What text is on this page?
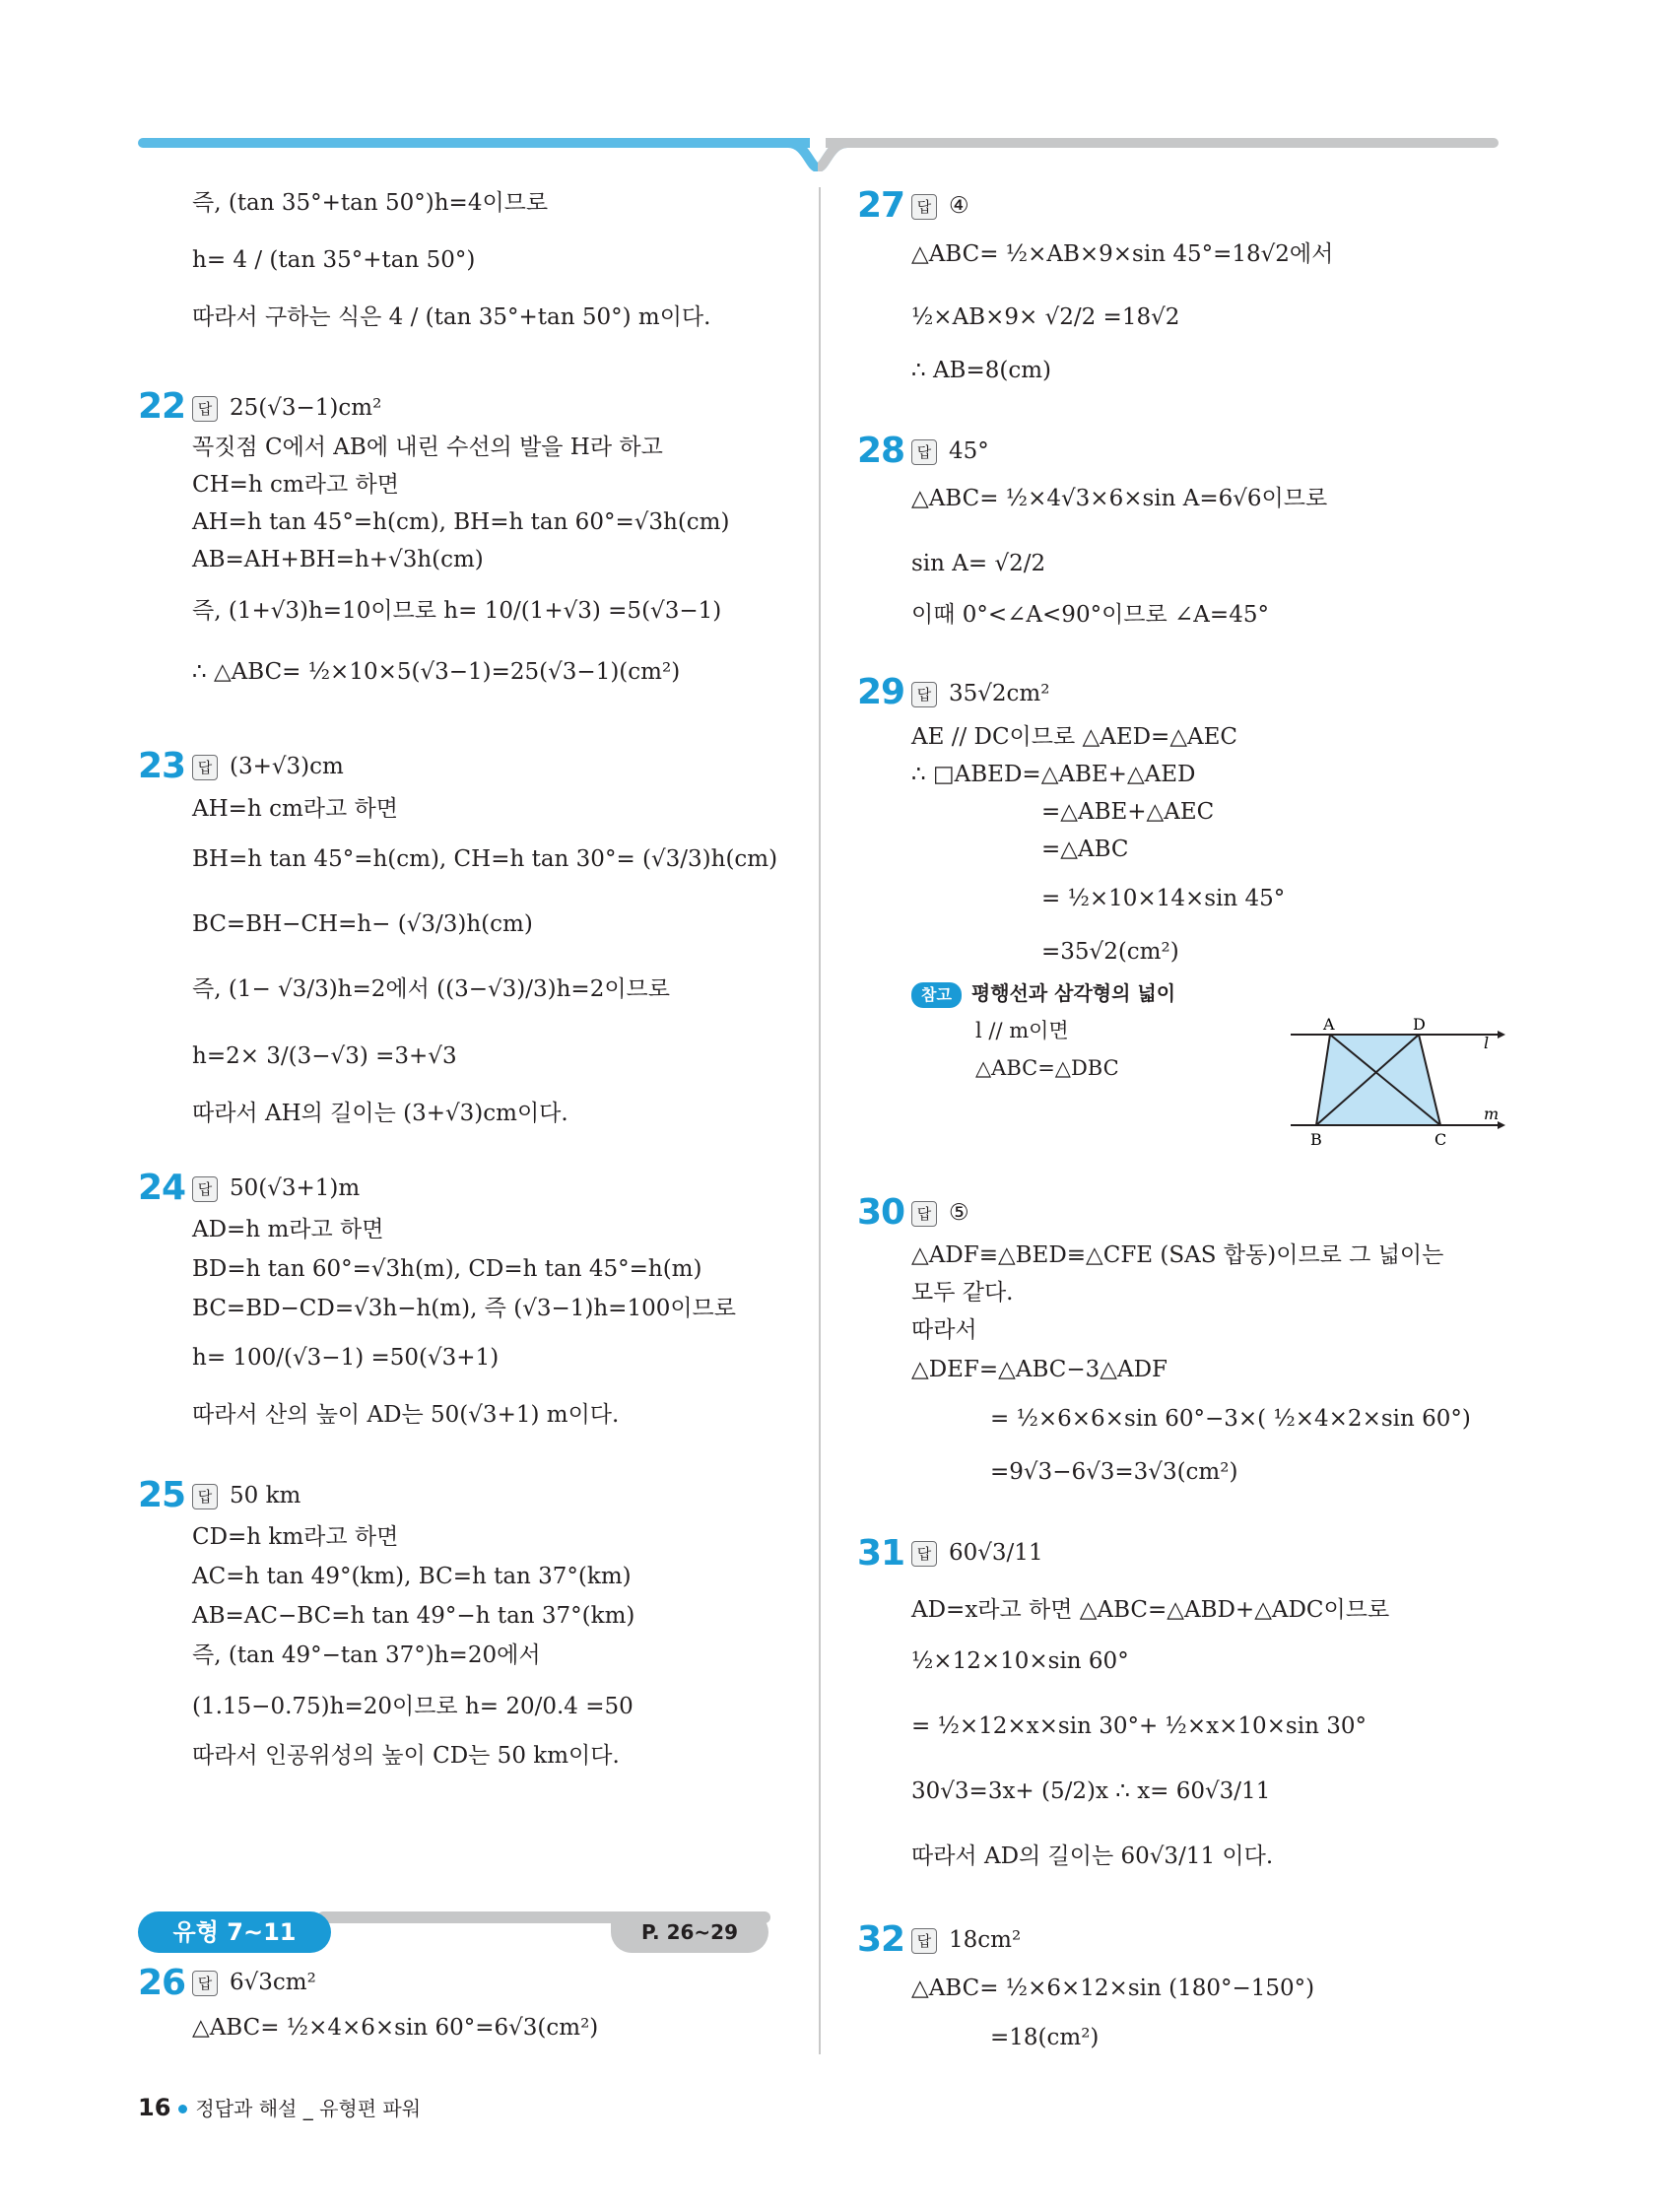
즉, (tan 35°+tan 50°)h=4이므로
h= 4 / (tan 35°+tan 50°)
따라서 구하는 식은 4 / (tan 35°+tan 50°) m이다.
22 답 25(√3−1)cm²
꼭짓점 C에서 AB에 내린 수선의 발을 H라 하고
CH=h cm라고 하면
AH=h tan 45°=h(cm), BH=h tan 60°=√3h(cm)
AB=AH+BH=h+√3h(cm)
즉, (1+√3)h=10이므로 h= 10/(1+√3) =5(√3−1)
∴ △ABC= ½×10×5(√3−1)=25(√3−1)(cm²)
23 답 (3+√3)cm
AH=h cm라고 하면
BH=h tan 45°=h(cm), CH=h tan 30°= (√3/3)h(cm)
BC=BH−CH=h− (√3/3)h(cm)
즉, (1− √3/3)h=2에서 ((3−√3)/3)h=2이므로
h=2× 3/(3−√3) =3+√3
따라서 AH의 길이는 (3+√3)cm이다.
24 답 50(√3+1)m
AD=h m라고 하면
BD=h tan 60°=√3h(m), CD=h tan 45°=h(m)
BC=BD−CD=√3h−h(m), 즉 (√3−1)h=100이므로
h= 100/(√3−1) =50(√3+1)
따라서 산의 높이 AD는 50(√3+1) m이다.
25 답 50 km
CD=h km라고 하면
AC=h tan 49°(km), BC=h tan 37°(km)
AB=AC−BC=h tan 49°−h tan 37°(km)
즉, (tan 49°−tan 37°)h=20에서
(1.15−0.75)h=20이므로 h= 20/0.4 =50
따라서 인공위성의 높이 CD는 50 km이다.
유형 7~11	P. 26~29
26 답 6√3cm²
△ABC= ½×4×6×sin 60°=6√3(cm²)
27 답 ④
△ABC= ½×AB×9×sin 45°=18√2에서
½×AB×9× √2/2 =18√2
∴ AB=8(cm)
28 답 45°
△ABC= ½×4√3×6×sin A=6√6이므로
sin A= √2/2
이때 0°<∠A<90°이므로 ∠A=45°
29 답 35√2cm²
AE // DC이므로 △AED=△AEC
∴ □ABED=△ABE+△AED
=△ABE+△AEC
=△ABC
= ½×10×14×sin 45°
=35√2(cm²)
참고 평행선과 삼각형의 넓이
l // m이면
△ABC=△DBC
A	D
B	C
l
m
30 답 ⑤
△ADF≡△BED≡△CFE (SAS 합동)이므로 그 넓이는
모두 같다.
따라서
△DEF=△ABC−3△ADF
= ½×6×6×sin 60°−3×( ½×4×2×sin 60°)
=9√3−6√3=3√3(cm²)
31 답 60√3/11
AD=x라고 하면 △ABC=△ABD+△ADC이므로
½×12×10×sin 60°
= ½×12×x×sin 30°+ ½×x×10×sin 30°
30√3=3x+ (5/2)x ∴ x= 60√3/11
따라서 AD의 길이는 60√3/11 이다.
32 답 18cm²
△ABC= ½×6×12×sin (180°−150°)
=18(cm²)
16 정답과 해설 _ 유형편 파워
